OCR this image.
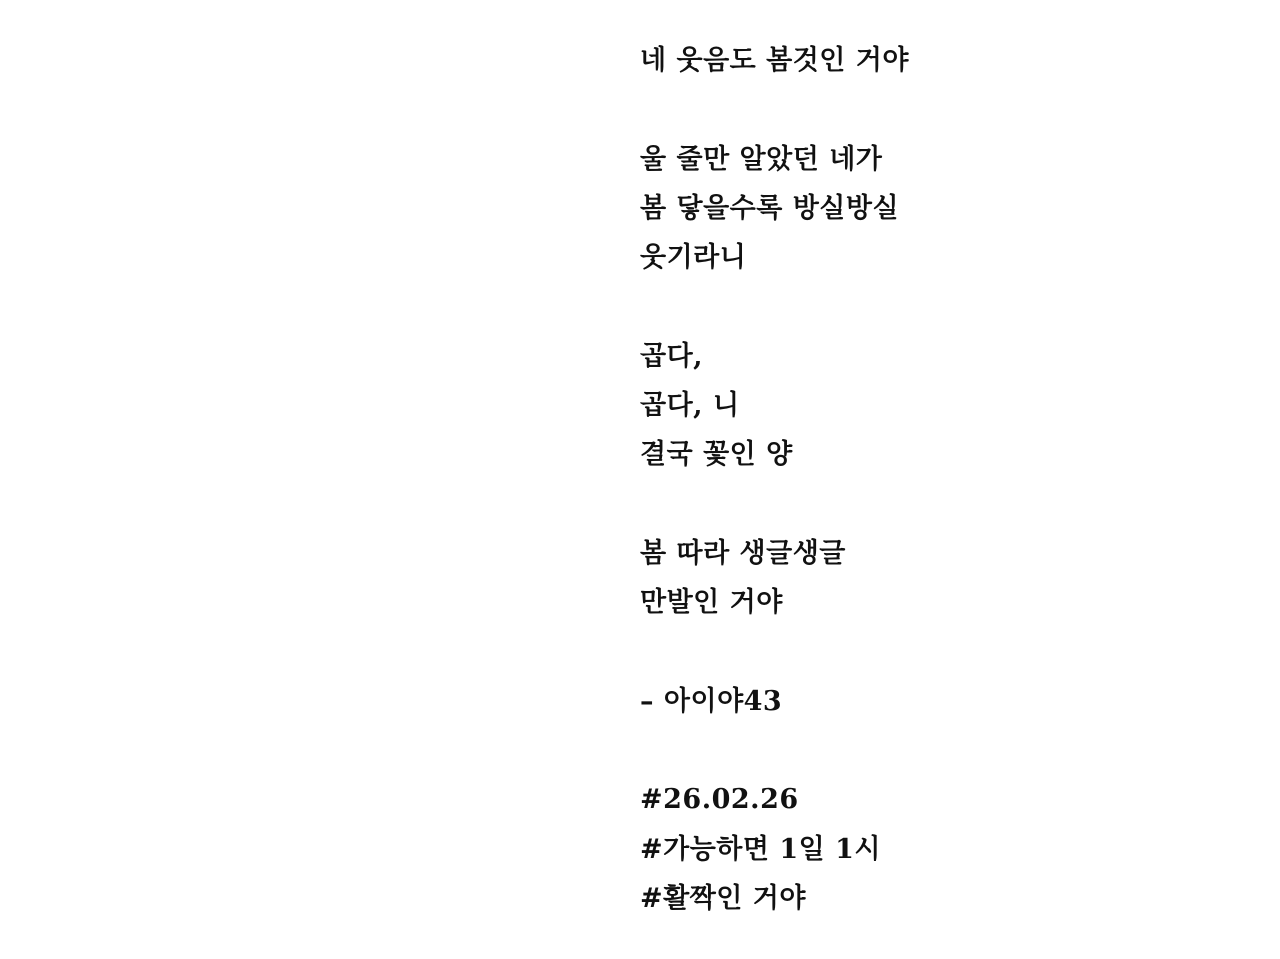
네 웃음도 봄것인 거야
울 줄만 알았던 네가
봄 닿을수록 방실방실
웃기라니
곱다,
곱다, 니
결국 꽃인 양
봄 따라 생글생글
만발인 거야
– 아이야43
#26.02.26
#가능하면 1일 1시
#활짝인 거야
